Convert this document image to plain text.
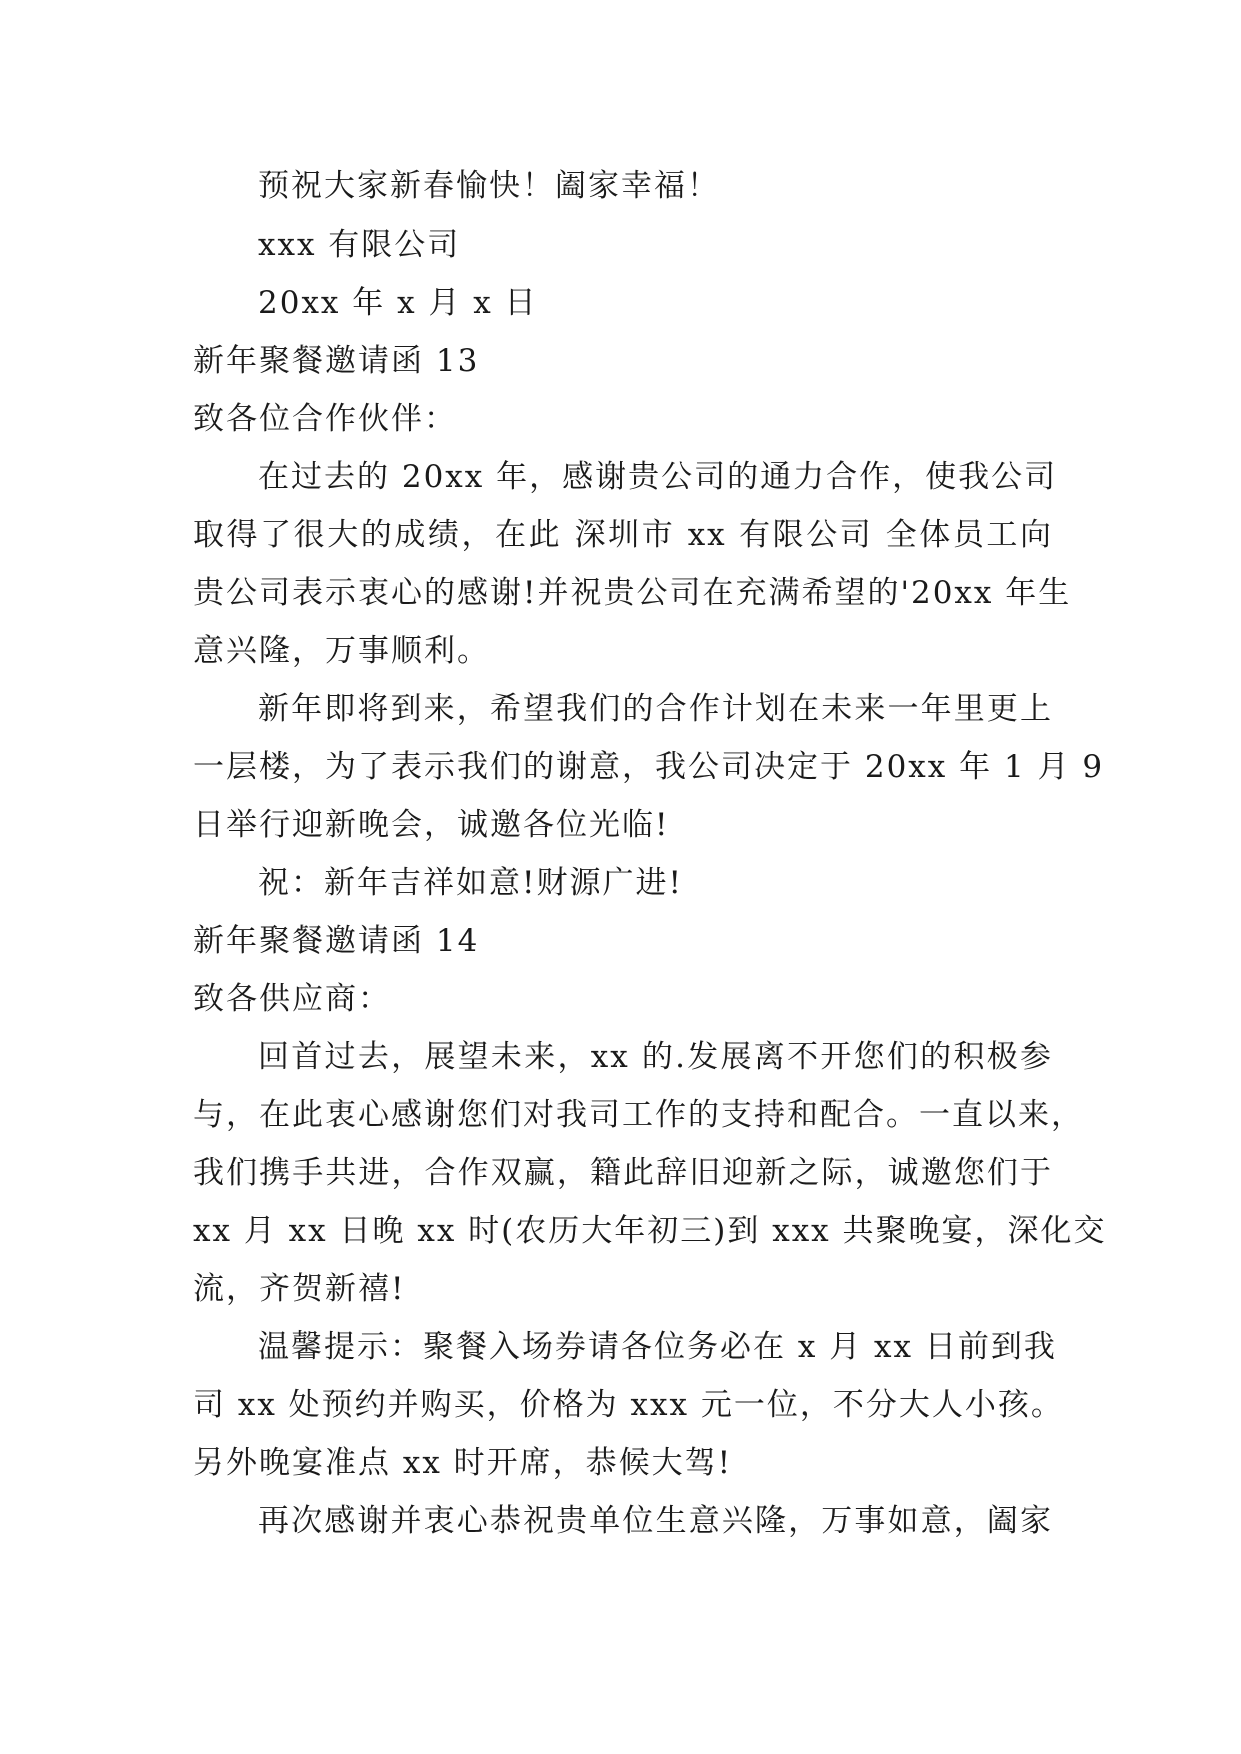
预祝大家新春愉快！阖家幸福！
xxx 有限公司
20xx 年 x 月 x 日
新年聚餐邀请函 13
致各位合作伙伴：
在过去的 20xx 年，感谢贵公司的通力合作，使我公司
取得了很大的成绩，在此 深圳市 xx 有限公司 全体员工向
贵公司表示衷心的感谢!并祝贵公司在充满希望的'20xx 年生
意兴隆，万事顺利。
新年即将到来，希望我们的合作计划在未来一年里更上
一层楼，为了表示我们的谢意，我公司决定于 20xx 年 1 月 9
日举行迎新晚会，诚邀各位光临!
祝：新年吉祥如意!财源广进!
新年聚餐邀请函 14
致各供应商：
回首过去，展望未来，xx 的.发展离不开您们的积极参
与，在此衷心感谢您们对我司工作的支持和配合。一直以来，
我们携手共进，合作双赢，籍此辞旧迎新之际，诚邀您们于
xx 月 xx 日晚 xx 时(农历大年初三)到 xxx 共聚晚宴，深化交
流，齐贺新禧!
温馨提示：聚餐入场券请各位务必在 x 月 xx 日前到我
司 xx 处预约并购买，价格为 xxx 元一位，不分大人小孩。
另外晚宴准点 xx 时开席，恭候大驾!
再次感谢并衷心恭祝贵单位生意兴隆，万事如意，阖家
